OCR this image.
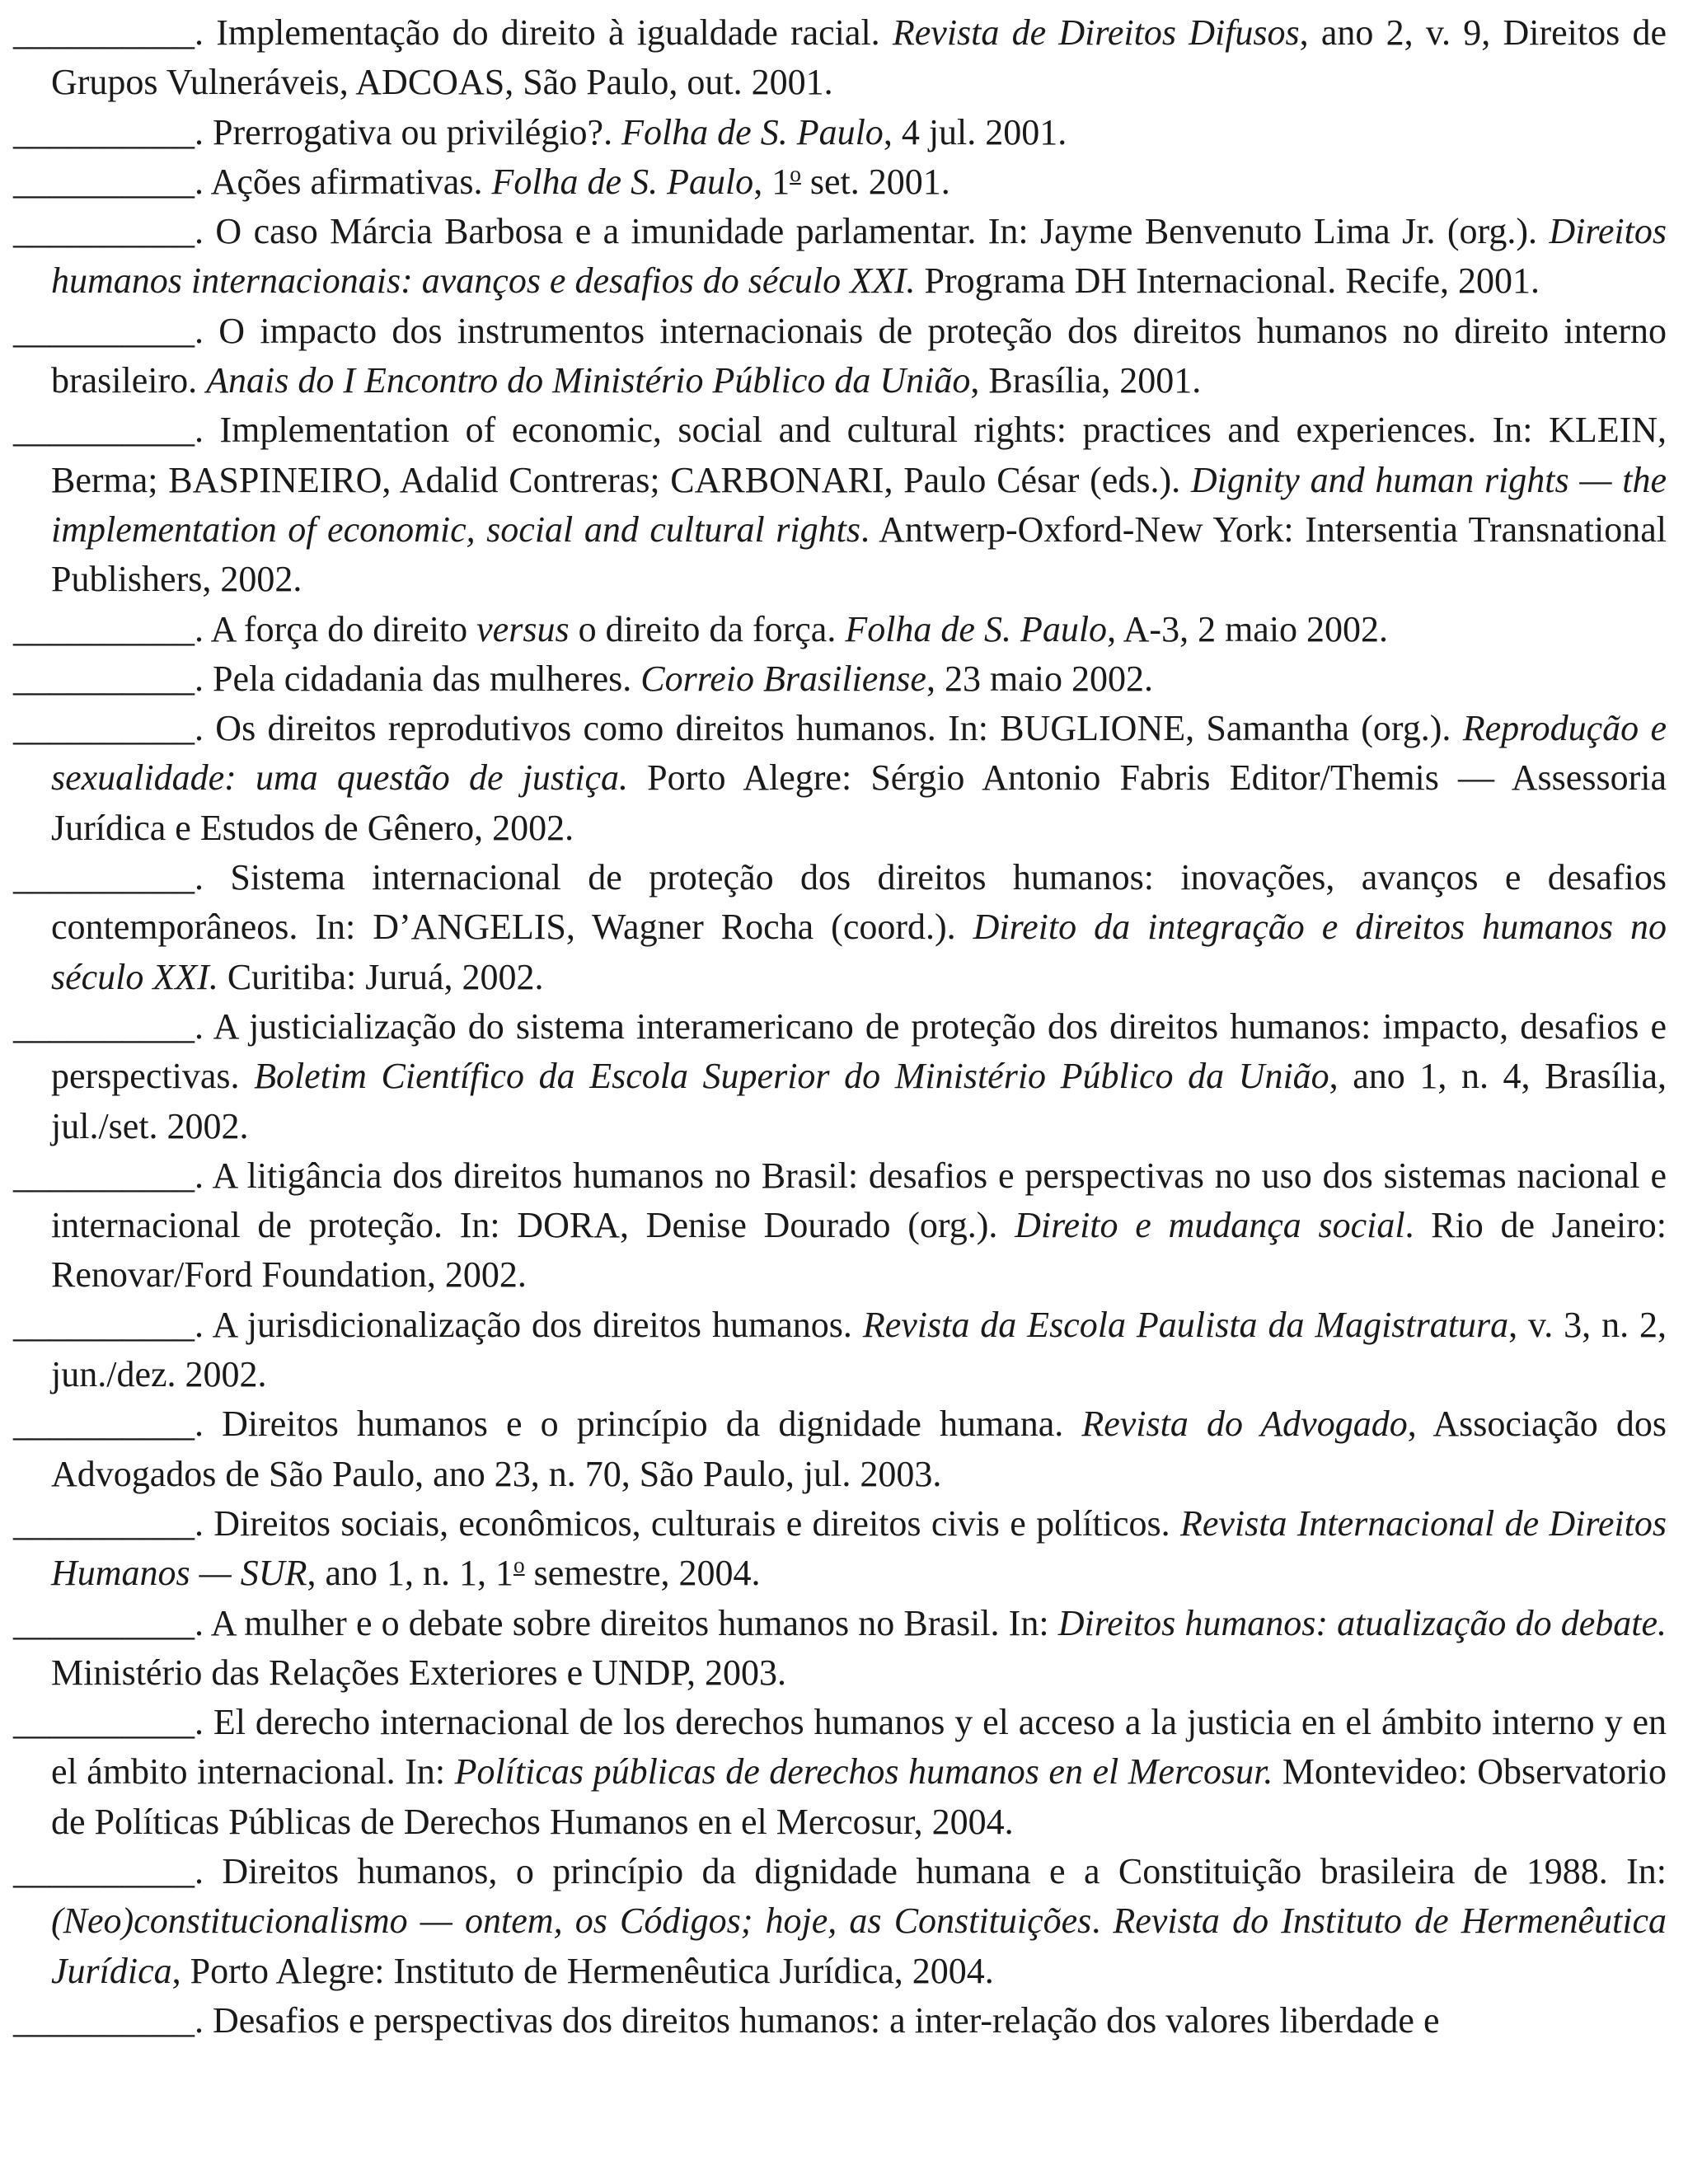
__________. Implementação do direito à igualdade racial. Revista de Direitos Difusos, ano 2, v. 9, Direitos de Grupos Vulneráveis, ADCOAS, São Paulo, out. 2001.

__________. Prerrogativa ou privilégio?. Folha de S. Paulo, 4 jul. 2001.

__________. Ações afirmativas. Folha de S. Paulo, 1$^o$ set. 2001.

__________. O caso Márcia Barbosa e a imunidade parlamentar. In: Jayme Benvenuto Lima Jr. (org.). Direitos humanos internacionais: avanços e desafios do século XXI. Programa DH Internacional. Recife, 2001.

__________. O impacto dos instrumentos internacionais de proteção dos direitos humanos no direito interno brasileiro. Anais do I Encontro do Ministério Público da União, Brasília, 2001.

__________. Implementation of economic, social and cultural rights: practices and experiences. In: KLEIN, Berma; BASPINEIRO, Adalid Contreras; CARBONARI, Paulo César (eds.). Dignity and human rights — the implementation of economic, social and cultural rights. Antwerp-Oxford-New York: Intersentia Transnational Publishers, 2002.

__________. A força do direito versus o direito da força. Folha de S. Paulo, A-3, 2 maio 2002.

__________. Pela cidadania das mulheres. Correio Brasiliense, 23 maio 2002.

__________. Os direitos reprodutivos como direitos humanos. In: BUGLIONE, Samantha (org.). Reprodução e sexualidade: uma questão de justiça. Porto Alegre: Sérgio Antonio Fabris Editor/Themis — Assessoria Jurídica e Estudos de Gênero, 2002.

__________. Sistema internacional de proteção dos direitos humanos: inovações, avanços e desafios contemporâneos. In: D’ANGELIS, Wagner Rocha (coord.). Direito da integração e direitos humanos no século XXI. Curitiba: Juruá, 2002.

__________. A justicialização do sistema interamericano de proteção dos direitos humanos: impacto, desafios e perspectivas. Boletim Científico da Escola Superior do Ministério Público da União, ano 1, n. 4, Brasília, jul./set. 2002.

__________. A litigância dos direitos humanos no Brasil: desafios e perspectivas no uso dos sistemas nacional e internacional de proteção. In: DORA, Denise Dourado (org.). Direito e mudança social. Rio de Janeiro: Renovar/Ford Foundation, 2002.

__________. A jurisdicionalização dos direitos humanos. Revista da Escola Paulista da Magistratura, v. 3, n. 2, jun./dez. 2002.

__________. Direitos humanos e o princípio da dignidade humana. Revista do Advogado, Associação dos Advogados de São Paulo, ano 23, n. 70, São Paulo, jul. 2003.

__________. Direitos sociais, econômicos, culturais e direitos civis e políticos. Revista Internacional de Direitos Humanos — SUR, ano 1, n. 1, 1$^o$ semestre, 2004.

__________. A mulher e o debate sobre direitos humanos no Brasil. In: Direitos humanos: atualização do debate. Ministério das Relações Exteriores e UNDP, 2003.

__________. El derecho internacional de los derechos humanos y el acceso a la justicia en el ámbito interno y en el ámbito internacional. In: Políticas públicas de derechos humanos en el Mercosur. Montevideo: Observatorio de Políticas Públicas de Derechos Humanos en el Mercosur, 2004.

__________. Direitos humanos, o princípio da dignidade humana e a Constituição brasileira de 1988. In: (Neo)constitucionalismo — ontem, os Códigos; hoje, as Constituições. Revista do Instituto de Hermenêutica Jurídica, Porto Alegre: Instituto de Hermenêutica Jurídica, 2004.

__________. Desafios e perspectivas dos direitos humanos: a inter-relação dos valores liberdade e
